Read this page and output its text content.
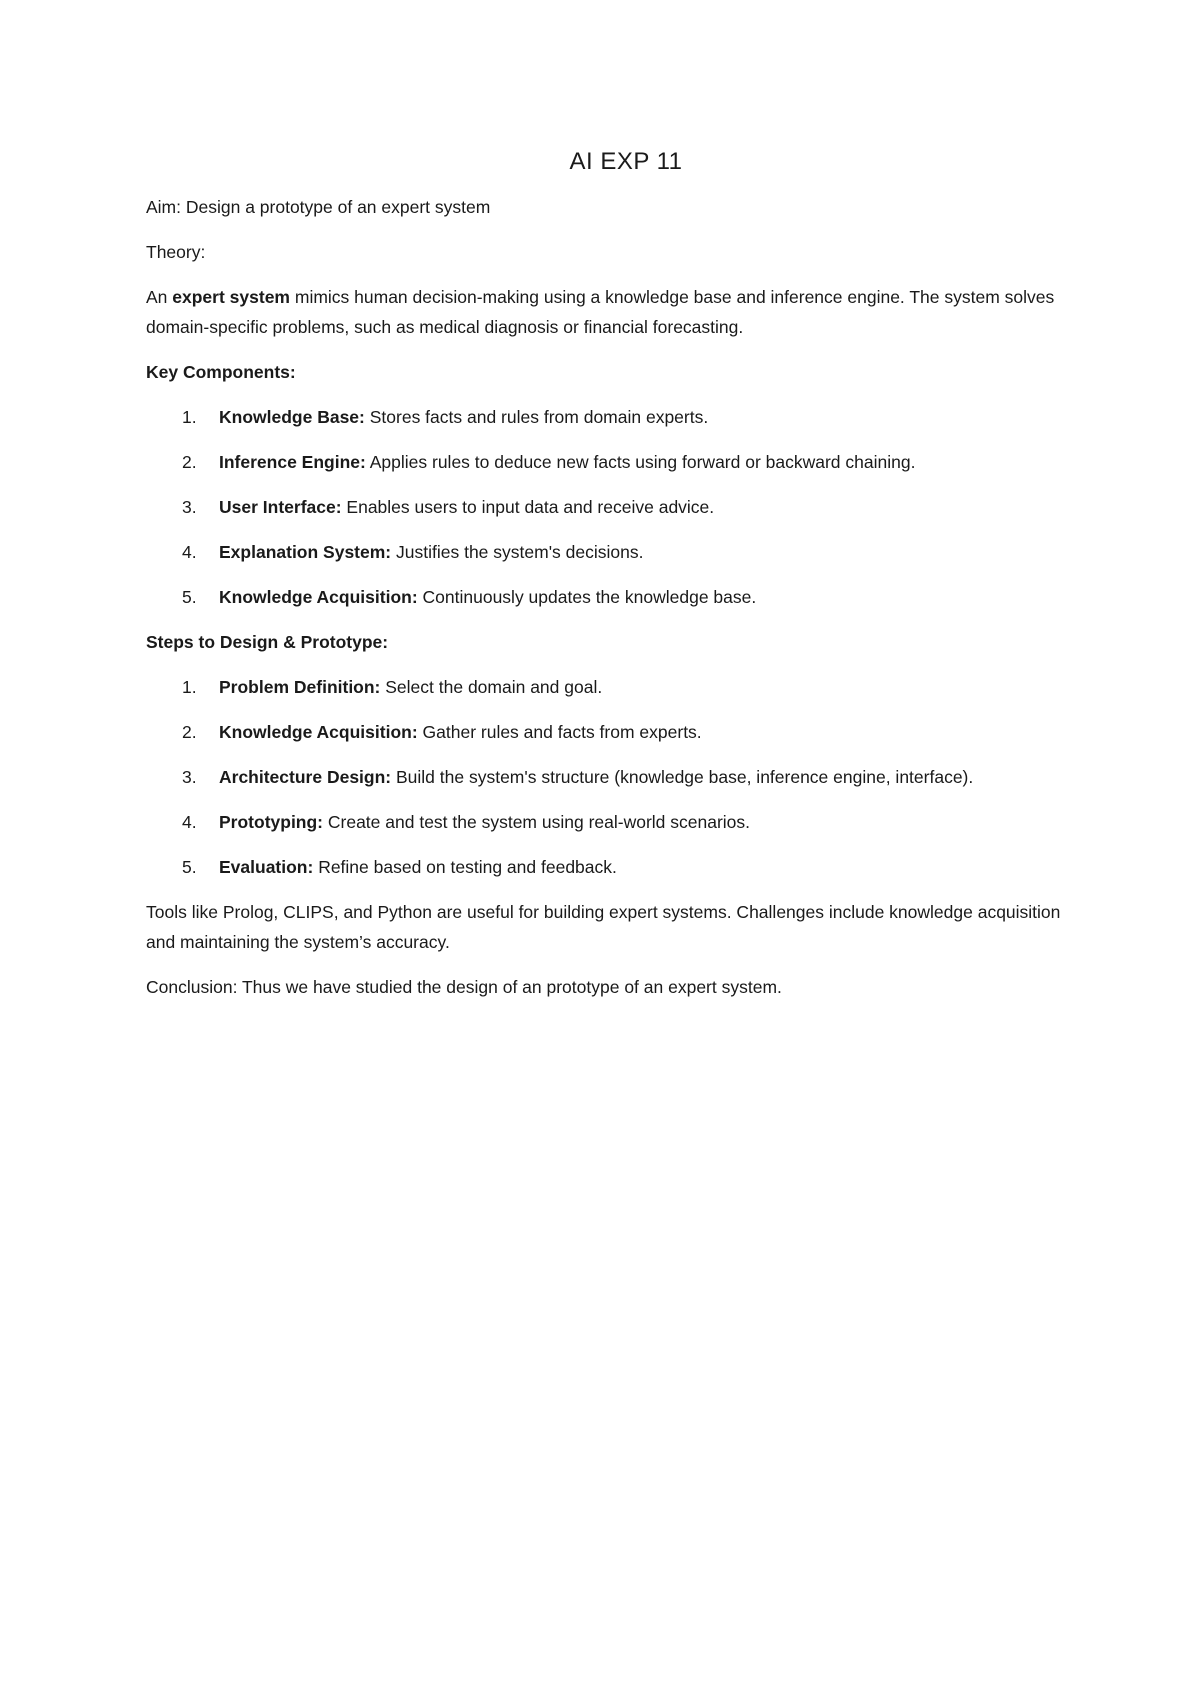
AI EXP 11

Aim: Design a prototype of an expert system

Theory:

An expert system mimics human decision-making using a knowledge base and inference engine. The system solves domain-specific problems, such as medical diagnosis or financial forecasting.

Key Components:

1. Knowledge Base: Stores facts and rules from domain experts.
2. Inference Engine: Applies rules to deduce new facts using forward or backward chaining.
3. User Interface: Enables users to input data and receive advice.
4. Explanation System: Justifies the system's decisions.
5. Knowledge Acquisition: Continuously updates the knowledge base.

Steps to Design & Prototype:

1. Problem Definition: Select the domain and goal.
2. Knowledge Acquisition: Gather rules and facts from experts.
3. Architecture Design: Build the system's structure (knowledge base, inference engine, interface).
4. Prototyping: Create and test the system using real-world scenarios.
5. Evaluation: Refine based on testing and feedback.

Tools like Prolog, CLIPS, and Python are useful for building expert systems. Challenges include knowledge acquisition and maintaining the system’s accuracy.

Conclusion: Thus we have studied the design of an prototype of an expert system.
